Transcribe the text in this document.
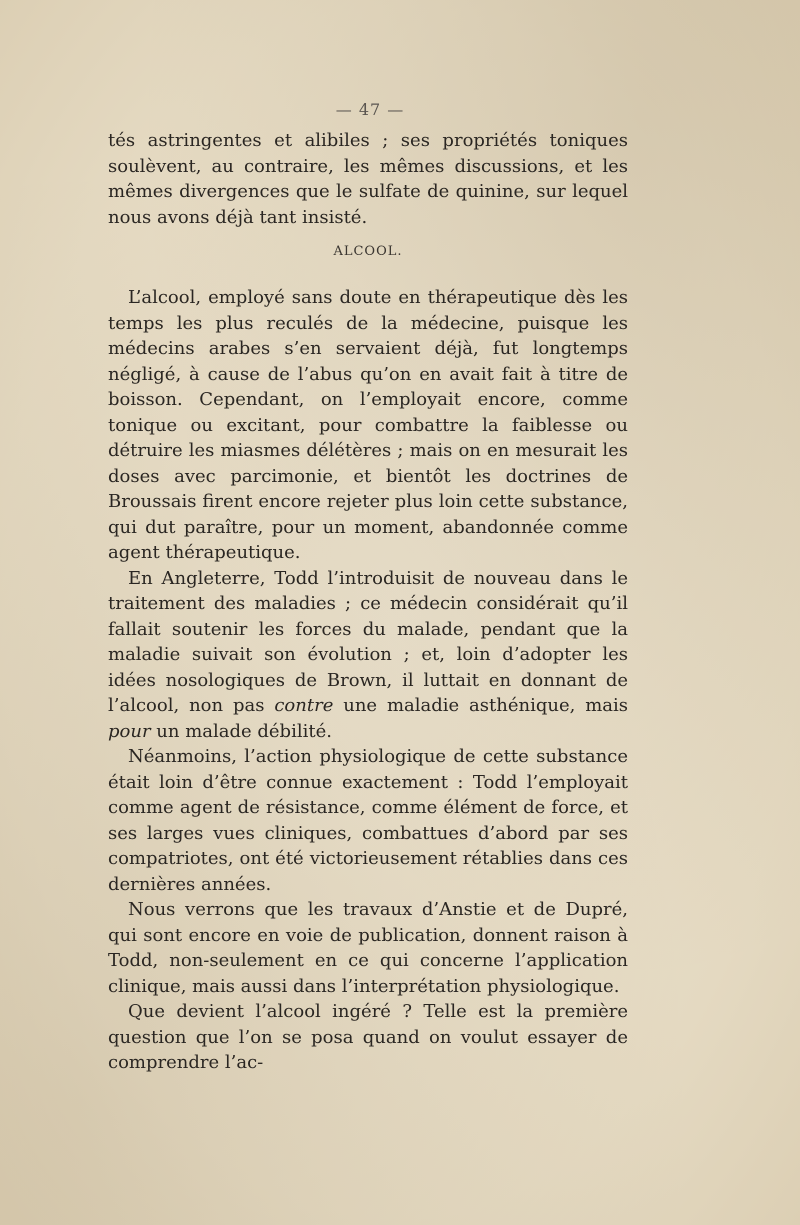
— 47 —

tés astringentes et alibiles ; ses propriétés toniques soulèvent, au contraire, les mêmes discussions, et les mêmes divergences que le sulfate de quinine, sur lequel nous avons déjà tant insisté.

ALCOOL.

L’alcool, employé sans doute en thérapeutique dès les temps les plus reculés de la médecine, puisque les médecins arabes s’en servaient déjà, fut longtemps négligé, à cause de l’abus qu’on en avait fait à titre de boisson. Cependant, on l’employait encore, comme tonique ou excitant, pour combattre la faiblesse ou détruire les miasmes délétères ; mais on en mesurait les doses avec parcimonie, et bientôt les doctrines de Broussais firent encore rejeter plus loin cette substance, qui dut paraître, pour un moment, abandonnée comme agent thérapeutique.

En Angleterre, Todd l’introduisit de nouveau dans le traitement des maladies ; ce médecin considérait qu’il fallait soutenir les forces du malade, pendant que la maladie suivait son évolution ; et, loin d’adopter les idées nosologiques de Brown, il luttait en donnant de l’alcool, non pas contre une maladie asthénique, mais pour un malade débilité.

Néanmoins, l’action physiologique de cette substance était loin d’être connue exactement : Todd l’employait comme agent de résistance, comme élément de force, et ses larges vues cliniques, combattues d’abord par ses compatriotes, ont été victorieusement rétablies dans ces dernières années.

Nous verrons que les travaux d’Anstie et de Dupré, qui sont encore en voie de publication, donnent raison à Todd, non-seulement en ce qui concerne l’application clinique, mais aussi dans l’interprétation physiologique.

Que devient l’alcool ingéré ? Telle est la première question que l’on se posa quand on voulut essayer de comprendre l’ac-
